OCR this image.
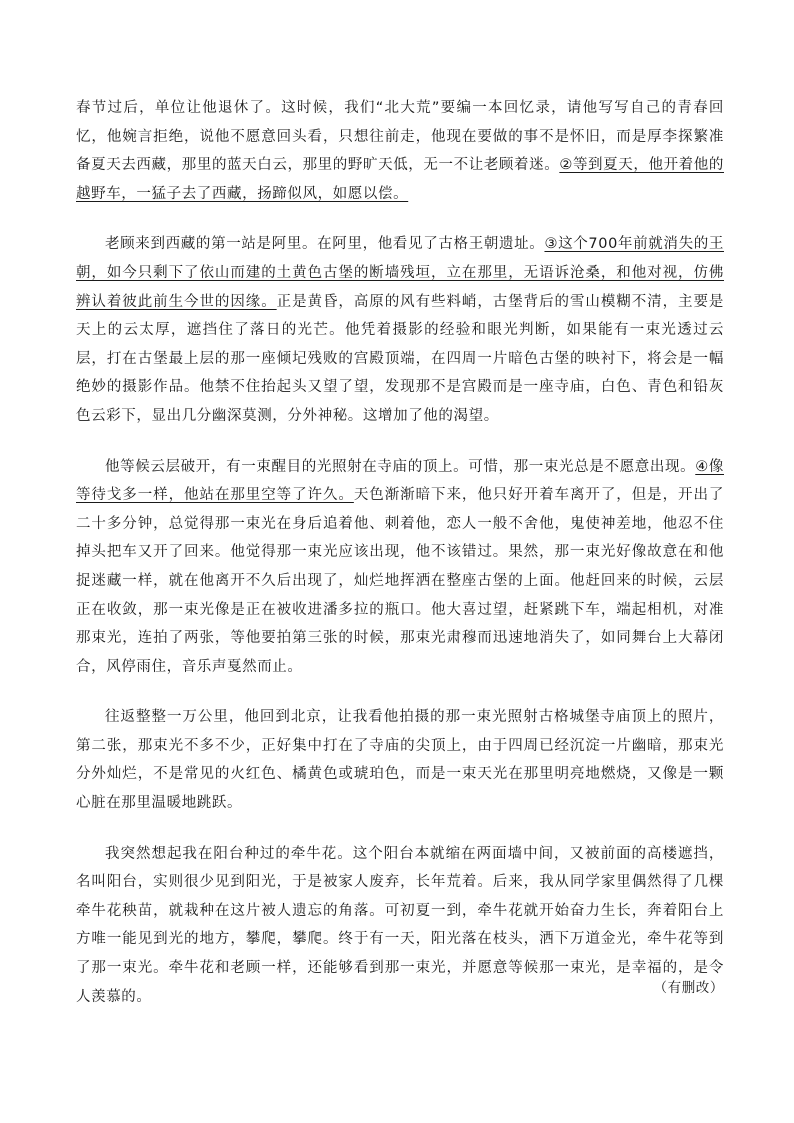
春节过后，单位让他退休了。这时候，我们“北大荒”要编一本回忆录，请他写写自己的青春回忆，他婉言拒绝，说他不愿意回头看，只想往前走，他现在要做的事不是怀旧，而是厚李探繁准备夏天去西藏，那里的蓝天白云，那里的野旷天低，无一不让老顾着迷。②等到夏天，他开着他的越野车，一猛子去了西藏，扬蹄似风，如愿以偿。

老顾来到西藏的第一站是阿里。在阿里，他看见了古格王朝遗址。③这个700年前就消失的王朝，如今只剩下了依山而建的土黄色古堡的断墙残垣，立在那里，无语诉沧桑，和他对视，仿佛辨认着彼此前生今世的因缘。正是黄昏，高原的风有些料峭，古堡背后的雪山模糊不清，主要是天上的云太厚，遮挡住了落日的光芒。他凭着摄影的经验和眼光判断，如果能有一束光透过云层，打在古堡最上层的那一座倾圮残败的宫殿顶端，在四周一片暗色古堡的映衬下，将会是一幅绝妙的摄影作品。他禁不住抬起头又望了望，发现那不是宫殿而是一座寺庙，白色、青色和铅灰色云彩下，显出几分幽深莫测，分外神秘。这增加了他的渴望。

他等候云层破开，有一束醒目的光照射在寺庙的顶上。可惜，那一束光总是不愿意出现。④像等待戈多一样，他站在那里空等了许久。天色渐渐暗下来，他只好开着车离开了，但是，开出了二十多分钟，总觉得那一束光在身后追着他、刺着他，恋人一般不舍他，鬼使神差地，他忍不住掉头把车又开了回来。他觉得那一束光应该出现，他不该错过。果然，那一束光好像故意在和他捉迷藏一样，就在他离开不久后出现了，灿烂地挥洒在整座古堡的上面。他赶回来的时候，云层正在收敛，那一束光像是正在被收进潘多拉的瓶口。他大喜过望，赶紧跳下车，端起相机，对准那束光，连拍了两张，等他要拍第三张的时候，那束光肃穆而迅速地消失了，如同舞台上大幕闭合，风停雨住，音乐声戛然而止。

往返整整一万公里，他回到北京，让我看他拍摄的那一束光照射古格城堡寺庙顶上的照片，第二张，那束光不多不少，正好集中打在了寺庙的尖顶上，由于四周已经沉淀一片幽暗，那束光分外灿烂，不是常见的火红色、橘黄色或琥珀色，而是一束天光在那里明亮地燃烧，又像是一颗心脏在那里温暖地跳跃。

我突然想起我在阳台种过的牵牛花。这个阳台本就缩在两面墙中间，又被前面的高楼遮挡，名叫阳台，实则很少见到阳光，于是被家人废弃，长年荒着。后来，我从同学家里偶然得了几棵牵牛花秧苗，就栽种在这片被人遗忘的角落。可初夏一到，牵牛花就开始奋力生长，奔着阳台上方唯一能见到光的地方，攀爬，攀爬。终于有一天，阳光落在枝头，洒下万道金光，牵牛花等到了那一束光。牵牛花和老顾一样，还能够看到那一束光，并愿意等候那一束光，是幸福的，是令人羡慕的。

（有删改）
